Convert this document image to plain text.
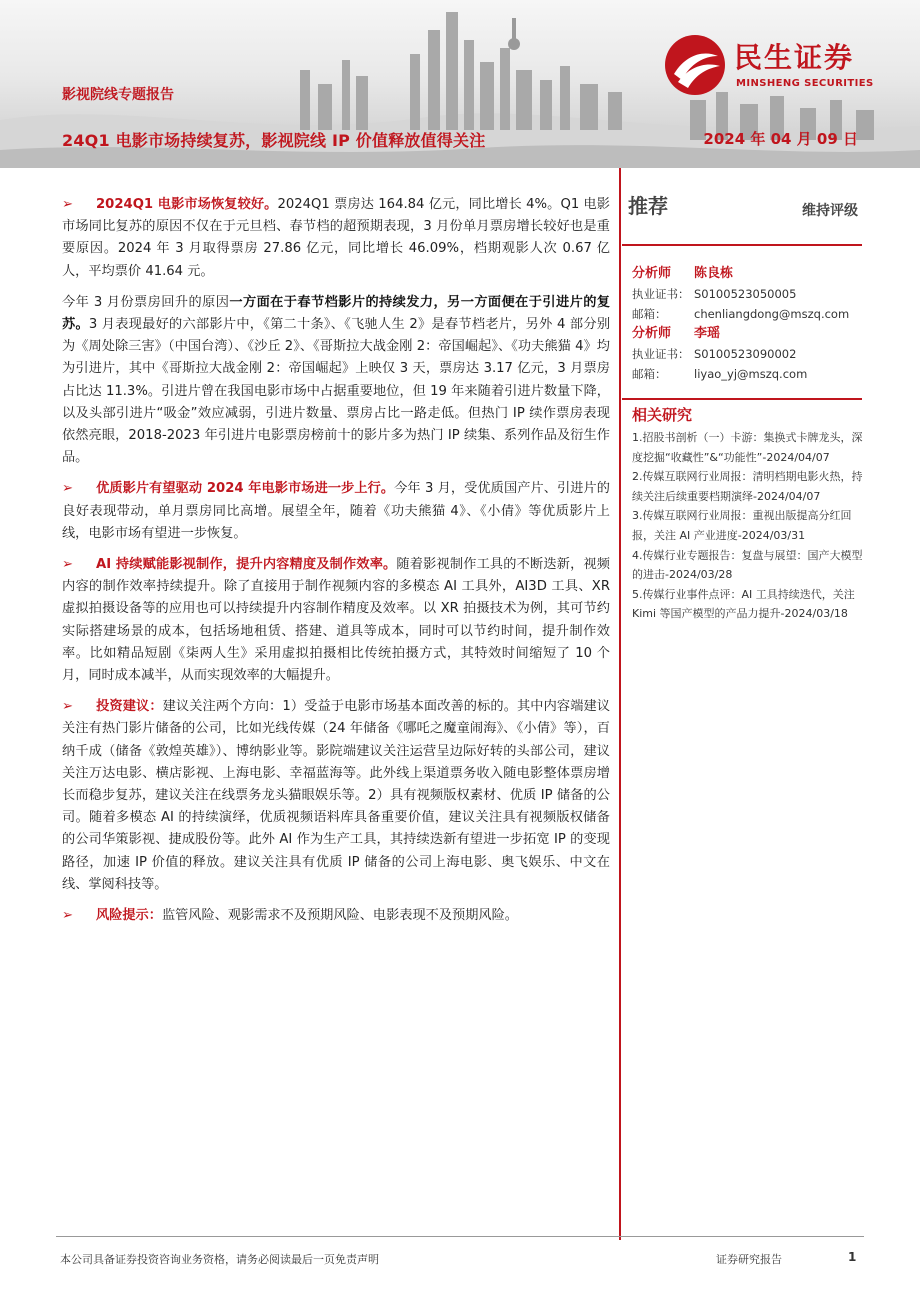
民生证券
MINSHENG SECURITIES
影视院线专题报告
24Q1 电影市场持续复苏，影视院线 IP 价值释放值得关注	2024 年 04 月 09 日

➢ 2024Q1 电影市场恢复较好。2024Q1 票房达 164.84 亿元，同比增长 4%。Q1 电影市场同比复苏的原因不仅在于元旦档、春节档的超预期表现，3 月份单月票房增长较好也是重要原因。2024 年 3 月取得票房 27.86 亿元，同比增长 46.09%，档期观影人次 0.67 亿人，平均票价 41.64 元。

今年 3 月份票房回升的原因一方面在于春节档影片的持续发力，另一方面便在于引进片的复苏。3 月表现最好的六部影片中，《第二十条》、《飞驰人生 2》是春节档老片，另外 4 部分别为《周处除三害》（中国台湾）、《沙丘 2》、《哥斯拉大战金刚 2：帝国崛起》、《功夫熊猫 4》均为引进片，其中《哥斯拉大战金刚 2：帝国崛起》上映仅 3 天，票房达 3.17 亿元，3 月票房占比达 11.3%。引进片曾在我国电影市场中占据重要地位，但 19 年来随着引进片数量下降，以及头部引进片“吸金”效应减弱，引进片数量、票房占比一路走低。但热门 IP 续作票房表现依然亮眼，2018-2023 年引进片电影票房榜前十的影片多为热门 IP 续集、系列作品及衍生作品。

➢ 优质影片有望驱动 2024 年电影市场进一步上行。今年 3 月，受优质国产片、引进片的良好表现带动，单月票房同比高增。展望全年，随着《功夫熊猫 4》、《小倩》等优质影片上线，电影市场有望进一步恢复。

➢ AI 持续赋能影视制作，提升内容精度及制作效率。随着影视制作工具的不断迭新，视频内容的制作效率持续提升。除了直接用于制作视频内容的多模态 AI 工具外，AI3D 工具、XR 虚拟拍摄设备等的应用也可以持续提升内容制作精度及效率。以 XR 拍摄技术为例，其可节约实际搭建场景的成本，包括场地租赁、搭建、道具等成本，同时可以节约时间，提升制作效率。比如精品短剧《柒两人生》采用虚拟拍摄相比传统拍摄方式，其特效时间缩短了 10 个月，同时成本减半，从而实现效率的大幅提升。

➢ 投资建议：建议关注两个方向：1）受益于电影市场基本面改善的标的。其中内容端建议关注有热门影片储备的公司，比如光线传媒（24 年储备《哪吒之魔童闹海》、《小倩》等），百纳千成（储备《敦煌英雄》）、博纳影业等。影院端建议关注运营呈边际好转的头部公司，建议关注万达电影、横店影视、上海电影、幸福蓝海等。此外线上渠道票务收入随电影整体票房增长而稳步复苏，建议关注在线票务龙头猫眼娱乐等。2）具有视频版权素材、优质 IP 储备的公司。随着多模态 AI 的持续演绎，优质视频语料库具备重要价值，建议关注具有视频版权储备的公司华策影视、捷成股份等。此外 AI 作为生产工具，其持续迭新有望进一步拓宽 IP 的变现路径，加速 IP 价值的释放。建议关注具有优质 IP 储备的公司上海电影、奥飞娱乐、中文在线、掌阅科技等。

➢ 风险提示：监管风险、观影需求不及预期风险、电影表现不及预期风险。

推荐	维持评级
分析师	陈良栋
执业证书： S0100523050005
邮箱：	chenliangdong@mszq.com
分析师	李瑶
执业证书： S0100523090002
邮箱：	liyao_yj@mszq.com
相关研究

1.招股书剖析（一）卡游：集换式卡牌龙头，深度挖掘“收藏性”&“功能性”-2024/04/07

2.传媒互联网行业周报：清明档期电影火热，持续关注后续重要档期演绎-2024/04/07

3.传媒互联网行业周报：重视出版提高分红回报，关注 AI 产业进度-2024/03/31

4.传媒行业专题报告：复盘与展望：国产大模型的进击-2024/03/28

5.传媒行业事件点评：AI 工具持续迭代，关注 Kimi 等国产模型的产品力提升-2024/03/18

本公司具备证券投资咨询业务资格，请务必阅读最后一页免责声明	证券研究报告	1
